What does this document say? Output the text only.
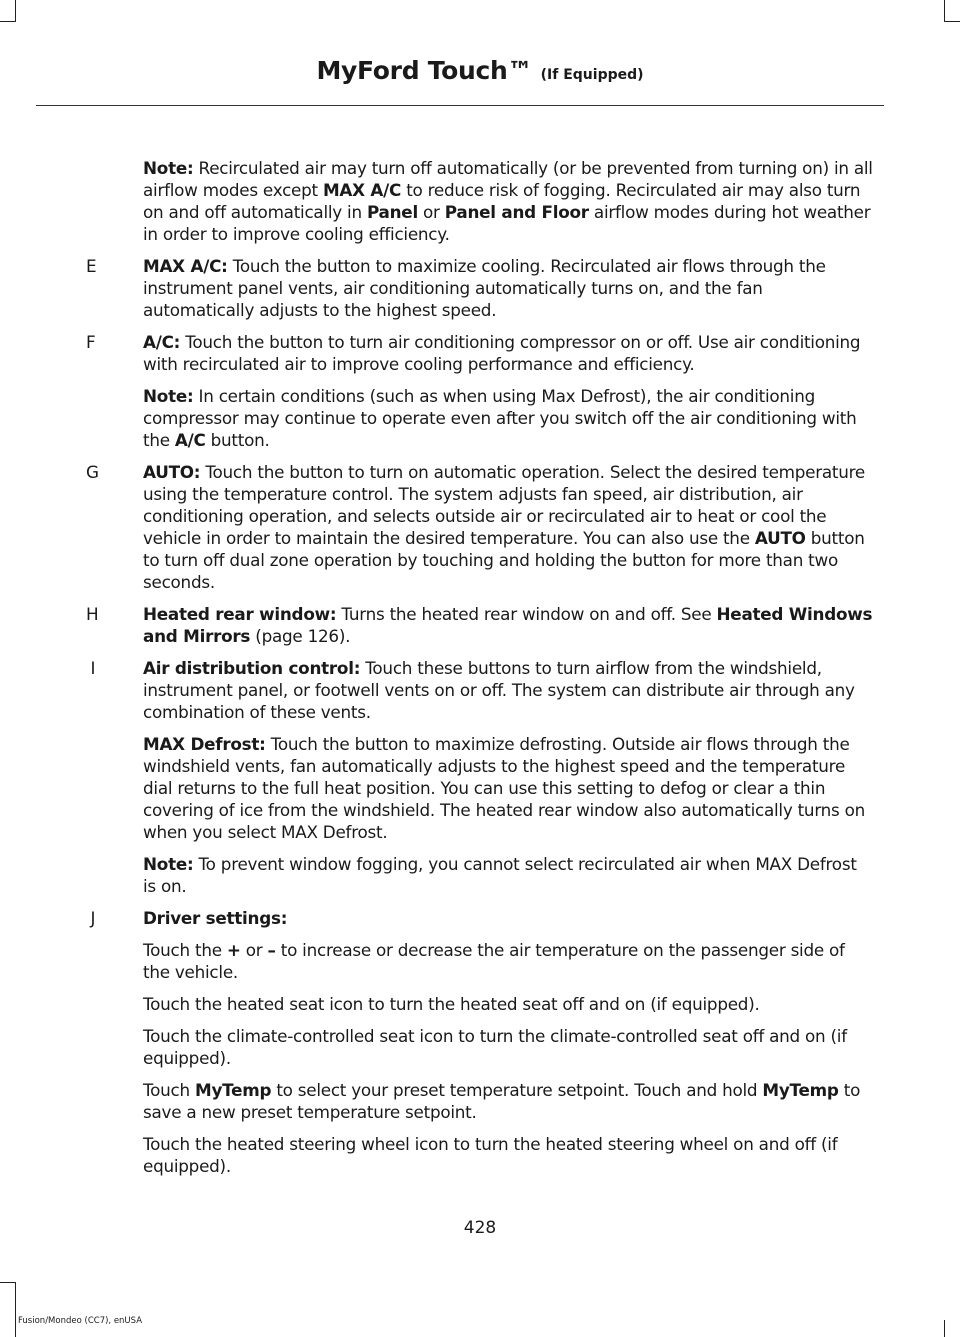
MyFord Touch™ (If Equipped)
Note: Recirculated air may turn off automatically (or be prevented from turning on) in all airflow modes except MAX A/C to reduce risk of fogging. Recirculated air may also turn on and off automatically in Panel or Panel and Floor airflow modes during hot weather in order to improve cooling efficiency.
E	MAX A/C: Touch the button to maximize cooling. Recirculated air flows through the instrument panel vents, air conditioning automatically turns on, and the fan automatically adjusts to the highest speed.
F	A/C: Touch the button to turn air conditioning compressor on or off. Use air conditioning with recirculated air to improve cooling performance and efficiency.
Note: In certain conditions (such as when using Max Defrost), the air conditioning compressor may continue to operate even after you switch off the air conditioning with the A/C button.
G	AUTO: Touch the button to turn on automatic operation. Select the desired temperature using the temperature control. The system adjusts fan speed, air distribution, air conditioning operation, and selects outside air or recirculated air to heat or cool the vehicle in order to maintain the desired temperature. You can also use the AUTO button to turn off dual zone operation by touching and holding the button for more than two seconds.
H	Heated rear window: Turns the heated rear window on and off. See Heated Windows and Mirrors (page 126).
I	Air distribution control: Touch these buttons to turn airflow from the windshield, instrument panel, or footwell vents on or off. The system can distribute air through any combination of these vents.
MAX Defrost: Touch the button to maximize defrosting. Outside air flows through the windshield vents, fan automatically adjusts to the highest speed and the temperature dial returns to the full heat position. You can use this setting to defog or clear a thin covering of ice from the windshield. The heated rear window also automatically turns on when you select MAX Defrost.
Note: To prevent window fogging, you cannot select recirculated air when MAX Defrost is on.
J	Driver settings:
Touch the + or – to increase or decrease the air temperature on the passenger side of the vehicle.
Touch the heated seat icon to turn the heated seat off and on (if equipped).
Touch the climate-controlled seat icon to turn the climate-controlled seat off and on (if equipped).
Touch MyTemp to select your preset temperature setpoint. Touch and hold MyTemp to save a new preset temperature setpoint.
Touch the heated steering wheel icon to turn the heated steering wheel on and off (if equipped).
428
Fusion/Mondeo (CC7), enUSA
